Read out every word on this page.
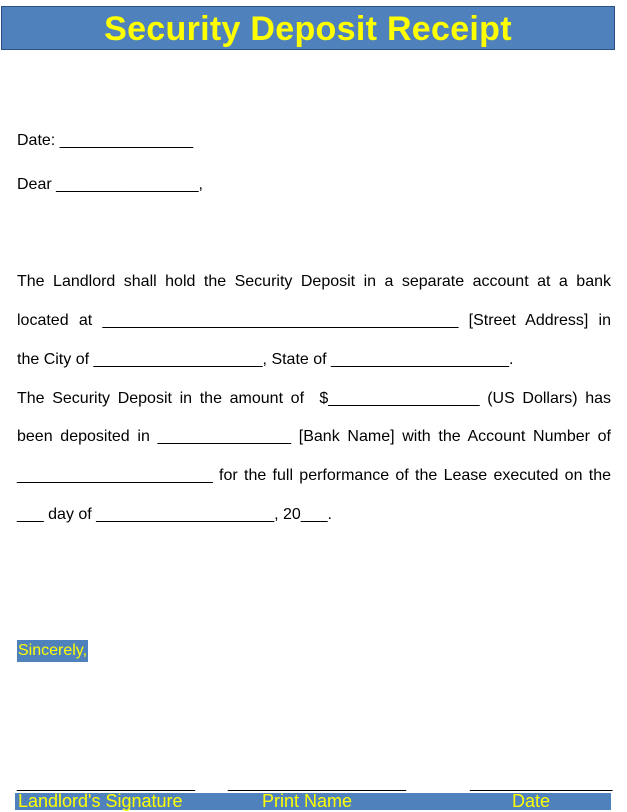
Security Deposit Receipt
Date: _______________
Dear ________________,
The Landlord shall hold the Security Deposit in a separate account at a bank
located at ________________________________________ [Street Address] in
the City of ___________________, State of ____________________.
The Security Deposit in the amount of  $_________________ (US Dollars) has
been deposited in _______________ [Bank Name] with the Account Number of
______________________ for the full performance of the Lease executed on the
___ day of ____________________, 20___.
Sincerely,
____________________ ____________________	________________
Landlord's Signature	Print Name	Date
